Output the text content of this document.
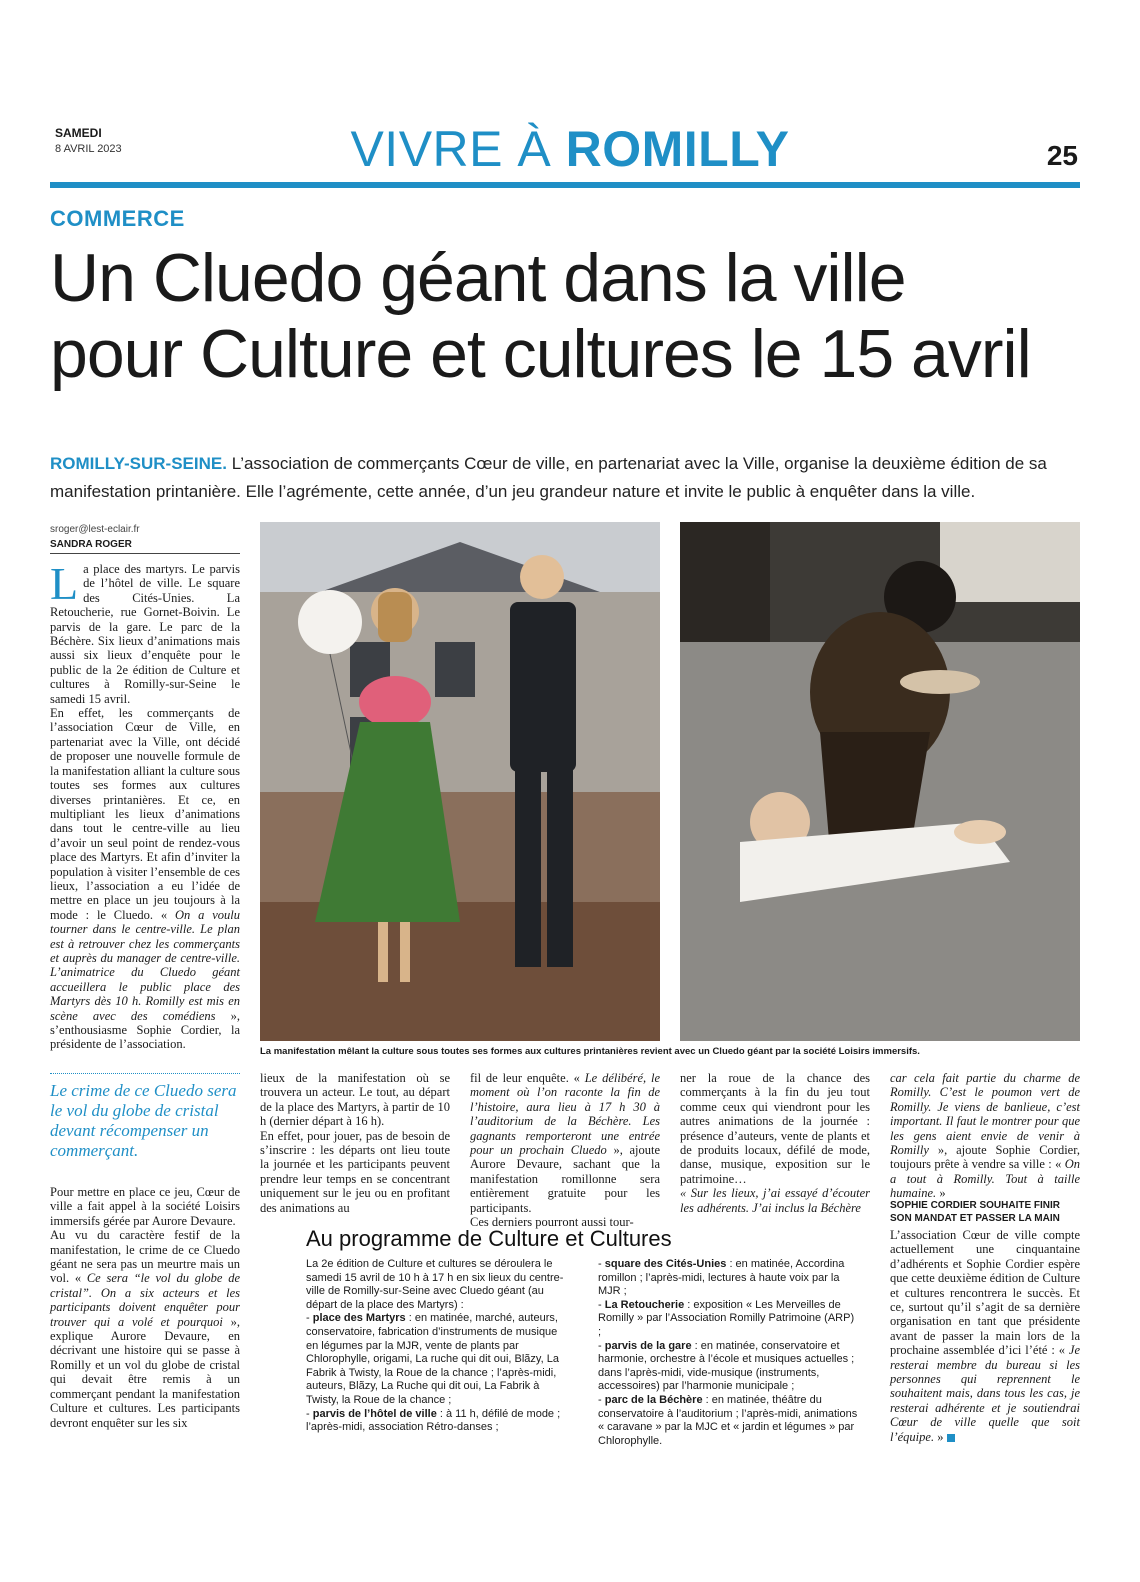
SAMEDI
8 AVRIL 2023	VIVRE À ROMILLY	25
COMMERCE
Un Cluedo géant dans la ville
pour Culture et cultures le 15 avril
ROMILLY-SUR-SEINE. L’association de commerçants Cœur de ville, en partenariat avec la Ville, organise la deuxième édition de sa manifestation printanière. Elle l’agrémente, cette année, d’un jeu grandeur nature et invite le public à enquêter dans la ville.
sroger@lest-eclair.fr
SANDRA ROGER
La place des martyrs. Le parvis de l’hôtel de ville. Le square des Cités-Unies. La Retoucherie, rue Gornet-Boivin. Le parvis de la gare. Le parc de la Béchère. Six lieux d’animations mais aussi six lieux d’enquête pour le public de la 2e édition de Culture et cultures à Romilly-sur-Seine le samedi 15 avril.
En effet, les commerçants de l’association Cœur de Ville, en partenariat avec la Ville, ont décidé de proposer une nouvelle formule de la manifestation alliant la culture sous toutes ses formes aux cultures diverses printanières. Et ce, en multipliant les lieux d’animations dans tout le centre-ville au lieu d’avoir un seul point de rendez-vous place des Martyrs. Et afin d’inviter la population à visiter l’ensemble de ces lieux, l’association a eu l’idée de mettre en place un jeu toujours à la mode : le Cluedo. « On a voulu tourner dans le centre-ville. Le plan est à retrouver chez les commerçants et auprès du manager de centre-ville. L’animatrice du Cluedo géant accueillera le public place des Martyrs dès 10 h. Romilly est mis en scène avec des comédiens », s’enthousiasme Sophie Cordier, la présidente de l’association.
La manifestation mêlant la culture sous toutes ses formes aux cultures printanières revient avec un Cluedo géant par la société Loisirs immersifs.
Le crime de ce Cluedo sera le vol du globe de cristal devant récompenser un commerçant.
Pour mettre en place ce jeu, Cœur de ville a fait appel à la société Loisirs immersifs gérée par Aurore Devaure.
Au vu du caractère festif de la manifestation, le crime de ce Cluedo géant ne sera pas un meurtre mais un vol. « Ce sera “le vol du globe de cristal”. On a six acteurs et les participants doivent enquêter pour trouver qui a volé et pourquoi », explique Aurore Devaure, en décrivant une histoire qui se passe à Romilly et un vol du globe de cristal qui devait être remis à un commerçant pendant la manifestation Culture et cultures. Les participants devront enquêter sur les six
lieux de la manifestation où se trouvera un acteur. Le tout, au départ de la place des Martyrs, à partir de 10 h (dernier départ à 16 h).
En effet, pour jouer, pas de besoin de s’inscrire : les départs ont lieu toute la journée et les participants peuvent prendre leur temps en se concentrant uniquement sur le jeu ou en profitant des animations au
fil de leur enquête. « Le délibéré, le moment où l’on raconte la fin de l’histoire, aura lieu à 17 h 30 à l’auditorium de la Béchère. Les gagnants remporteront une entrée pour un prochain Cluedo », ajoute Aurore Devaure, sachant que la manifestation romillonne sera entièrement gratuite pour les participants.
Ces derniers pourront aussi tour-
ner la roue de la chance des commerçants à la fin du jeu tout comme ceux qui viendront pour les autres animations de la journée : présence d’auteurs, vente de plants et de produits locaux, défilé de mode, danse, musique, exposition sur le patrimoine…
« Sur les lieux, j’ai essayé d’écouter les adhérents. J’ai inclus la Béchère
car cela fait partie du charme de Romilly. C’est le poumon vert de Romilly. Je viens de banlieue, c’est important. Il faut le montrer pour que les gens aient envie de venir à Romilly », ajoute Sophie Cordier, toujours prête à vendre sa ville : « On a tout à Romilly. Tout à taille humaine. »
SOPHIE CORDIER SOUHAITE FINIR SON MANDAT ET PASSER LA MAIN
L’association Cœur de ville compte actuellement une cinquantaine d’adhérents et Sophie Cordier espère que cette deuxième édition de Culture et cultures rencontrera le succès. Et ce, surtout qu’il s’agit de sa dernière organisation en tant que présidente avant de passer la main lors de la prochaine assemblée d’ici l’été : « Je resterai membre du bureau si les personnes qui reprennent le souhaitent mais, dans tous les cas, je resterai adhérente et je soutiendrai Cœur de ville quelle que soit l’équipe. »
Au programme de Culture et Cultures
La 2e édition de Culture et cultures se déroulera le samedi 15 avril de 10 h à 17 h en six lieux du centre-ville de Romilly-sur-Seine avec Cluedo géant (au départ de la place des Martyrs) :
- place des Martyrs : en matinée, marché, auteurs, conservatoire, fabrication d’instruments de musique en légumes par la MJR, vente de plants par Chlorophylle, origami, La ruche qui dit oui, Blãzy, La Fabrik à Twisty, la Roue de la chance ; l’après-midi, auteurs, Blãzy, La Ruche qui dit oui, La Fabrik à Twisty, la Roue de la chance ;
- parvis de l’hôtel de ville : à 11 h, défilé de mode ; l’après-midi, association Rétro-danses ;
- square des Cités-Unies : en matinée, Accordina romillon ; l’après-midi, lectures à haute voix par la MJR ;
- La Retoucherie : exposition « Les Merveilles de Romilly » par l’Association Romilly Patrimoine (ARP) ;
- parvis de la gare : en matinée, conservatoire et harmonie, orchestre à l’école et musiques actuelles ; dans l’après-midi, vide-musique (instruments, accessoires) par l’harmonie municipale ;
- parc de la Béchère : en matinée, théâtre du conservatoire à l’auditorium ; l’après-midi, animations « caravane » par la MJC et « jardin et légumes » par Chlorophylle.
